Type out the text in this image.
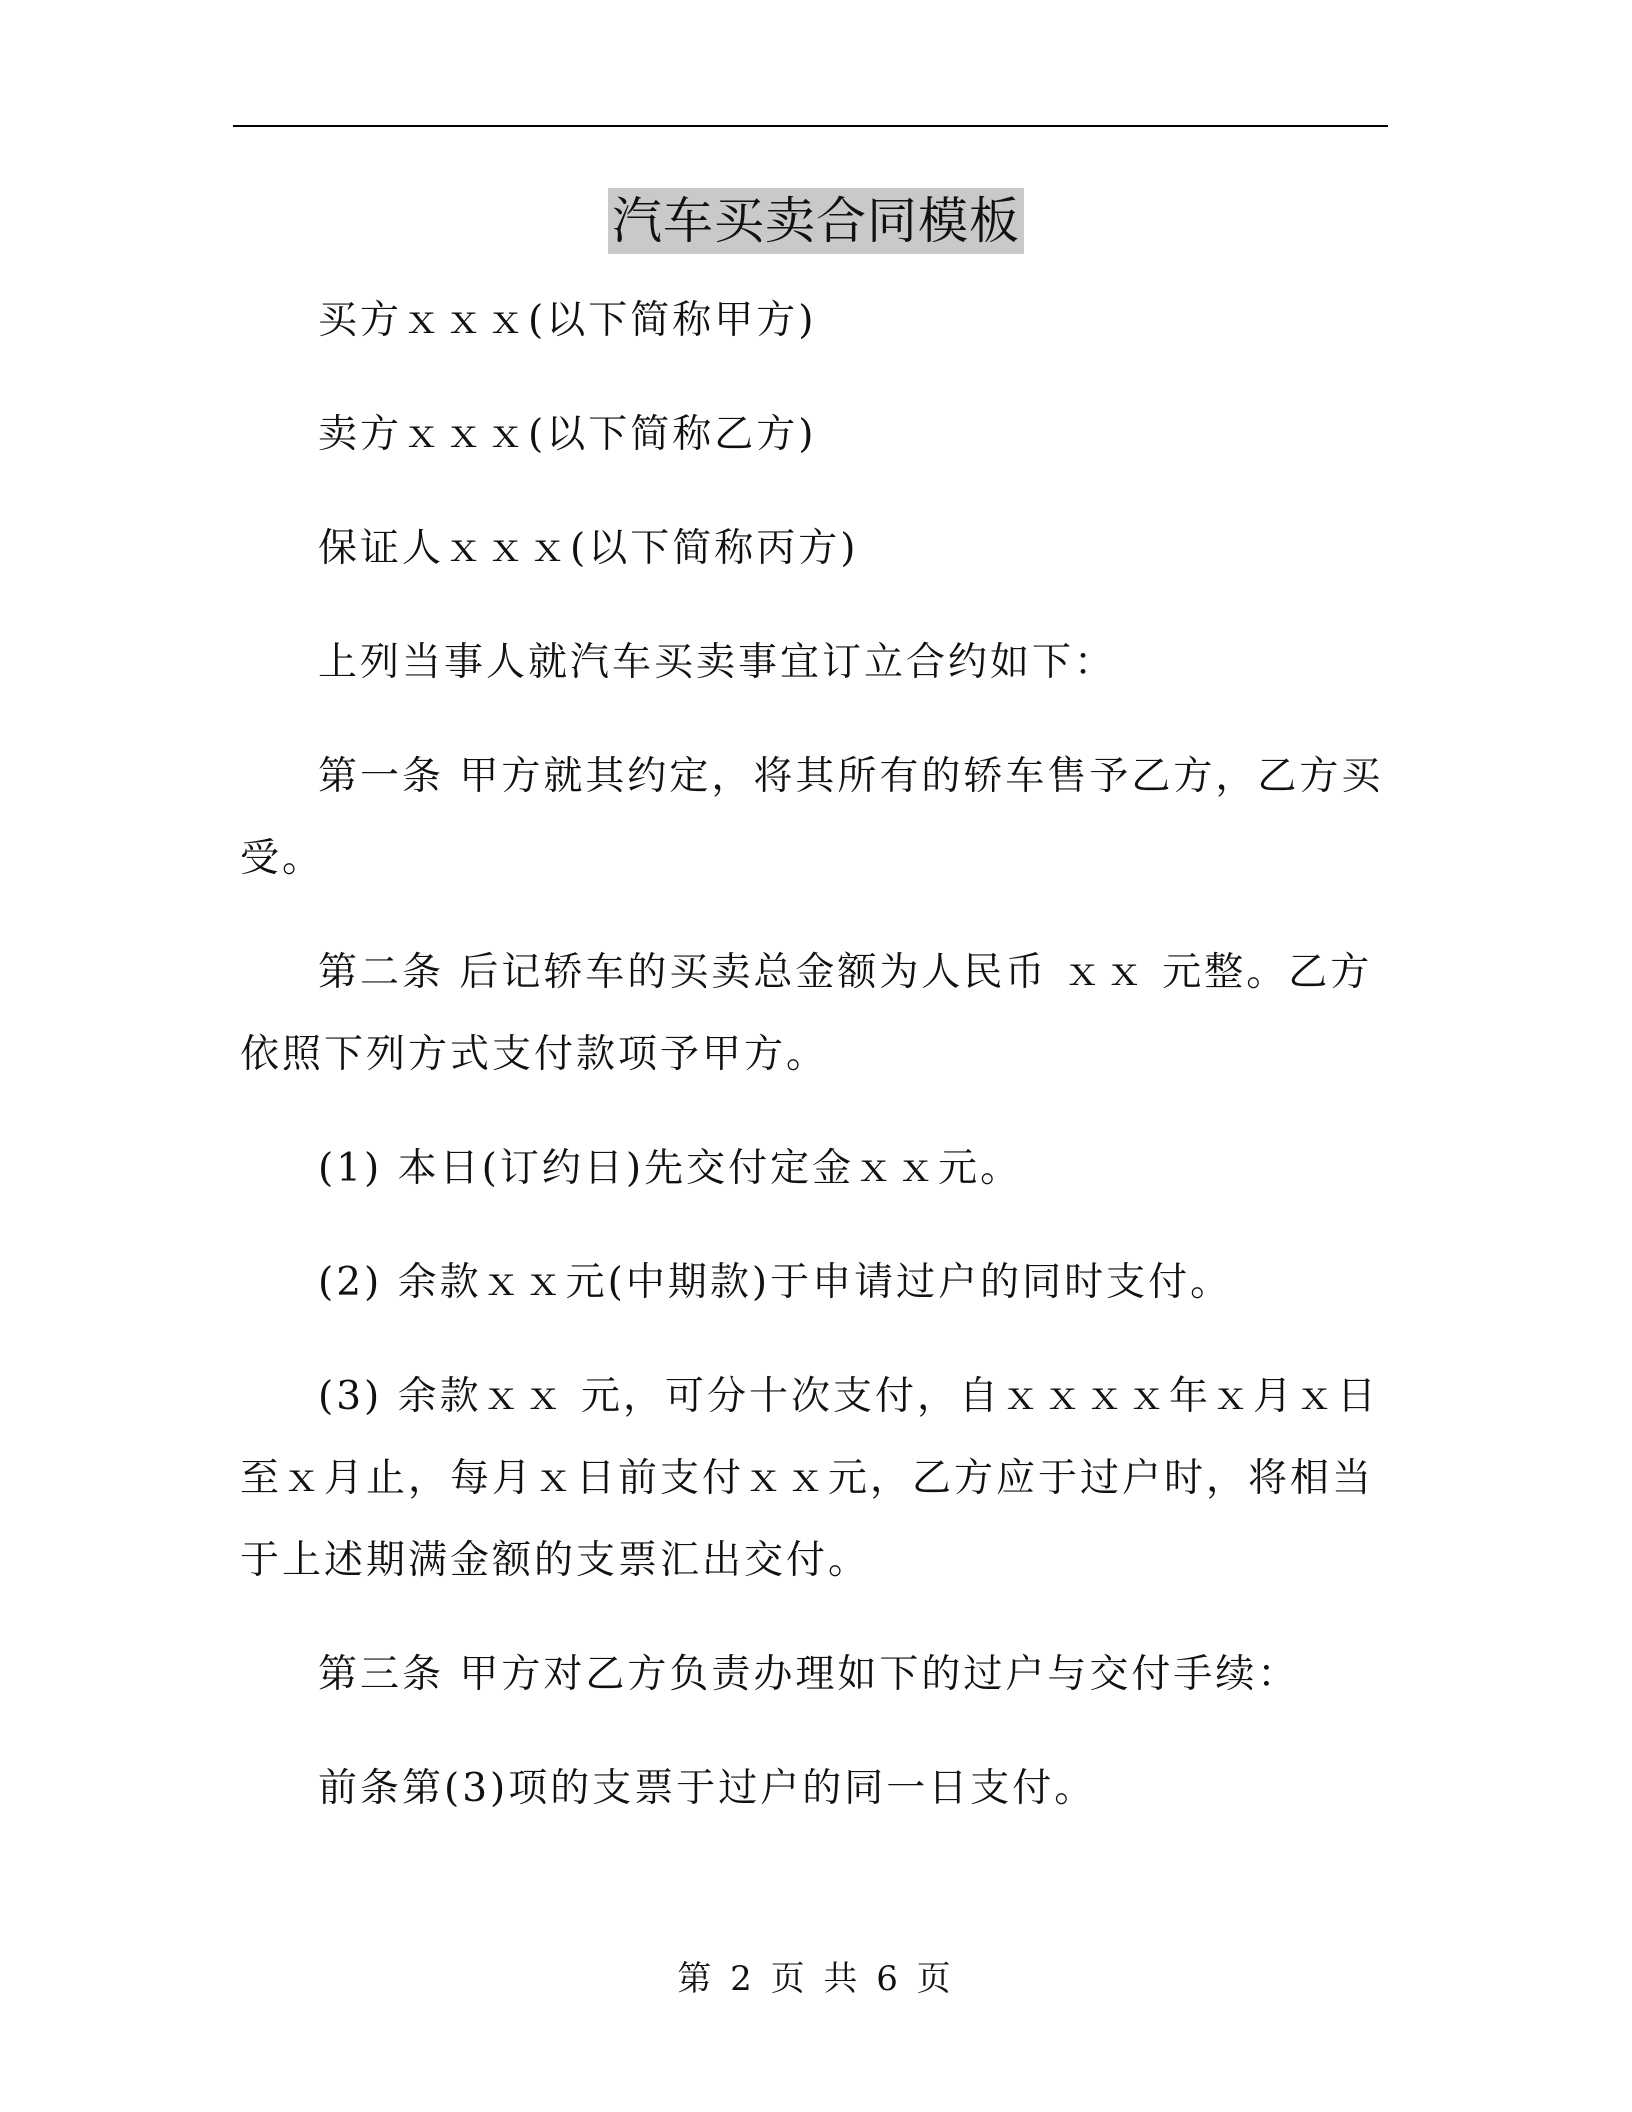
汽车买卖合同模板

买方ｘｘｘ(以下简称甲方)

卖方ｘｘｘ(以下简称乙方)

保证人ｘｘｘ(以下简称丙方)

上列当事人就汽车买卖事宜订立合约如下：

第一条 甲方就其约定，将其所有的轿车售予乙方，乙方买受。

第二条 后记轿车的买卖总金额为人民币 ｘｘ 元整。乙方依照下列方式支付款项予甲方。

(1) 本日(订约日)先交付定金ｘｘ元。

(2) 余款ｘｘ元(中期款)于申请过户的同时支付。

(3) 余款ｘｘ 元，可分十次支付，自ｘｘｘｘ年ｘ月ｘ日至ｘ月止，每月ｘ日前支付ｘｘ元，乙方应于过户时，将相当于上述期满金额的支票汇出交付。

第三条 甲方对乙方负责办理如下的过户与交付手续：

前条第(3)项的支票于过户的同一日支付。

第 2 页 共 6 页
